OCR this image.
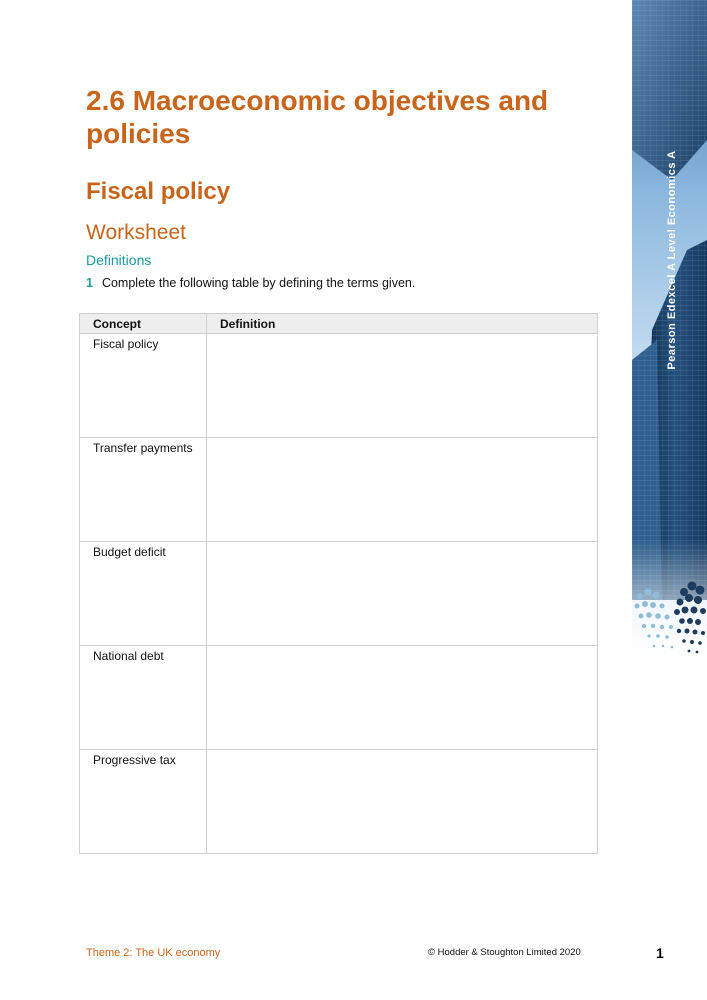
2.6 Macroeconomic objectives and policies
Fiscal policy
Worksheet
Definitions
1 Complete the following table by defining the terms given.
Concept	Definition
Fiscal policy	
Transfer payments	
Budget deficit	
National debt	
Progressive tax	
Pearson Edexcel A Level Economics A
Theme 2: The UK economy	© Hodder & Stoughton Limited 2020	1
